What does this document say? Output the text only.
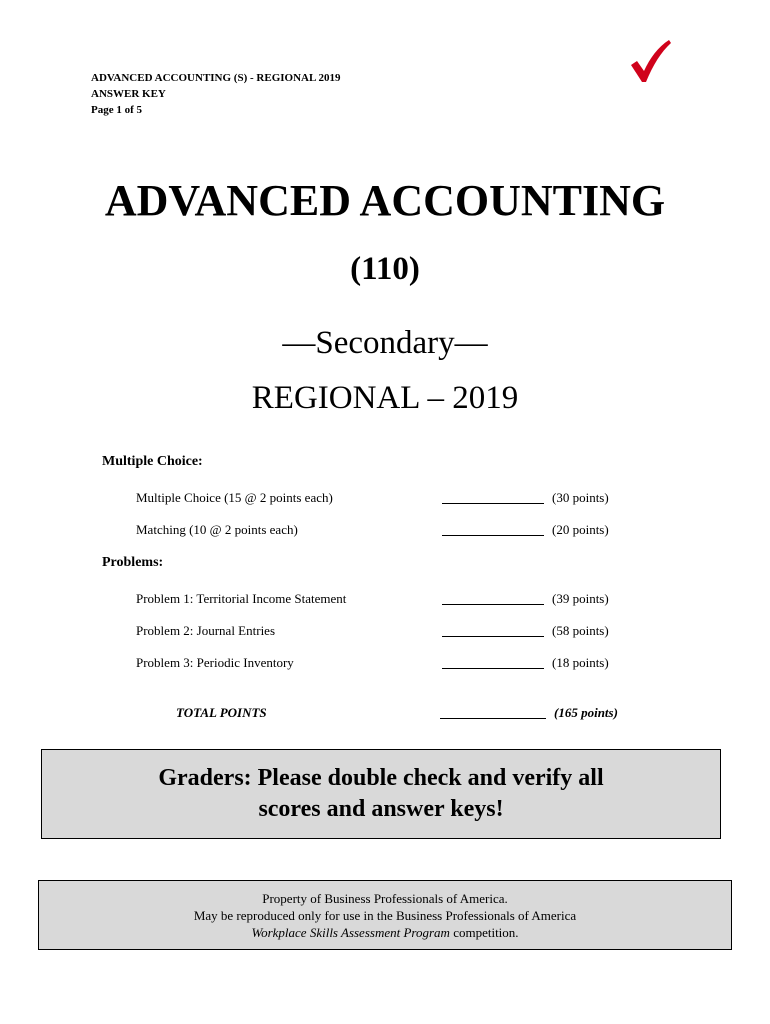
ADVANCED ACCOUNTING (S) - REGIONAL 2019
ANSWER KEY
Page 1 of 5
ADVANCED ACCOUNTING
(110)
—Secondary—
REGIONAL – 2019
Multiple Choice:
Multiple Choice (15 @ 2 points each)	(30 points)
Matching (10 @ 2 points each)	(20 points)
Problems:
Problem 1: Territorial Income Statement	(39 points)
Problem 2: Journal Entries	(58 points)
Problem 3: Periodic Inventory	(18 points)
TOTAL POINTS	(165 points)
Graders: Please double check and verify all
scores and answer keys!
Property of Business Professionals of America.
May be reproduced only for use in the Business Professionals of America
Workplace Skills Assessment Program competition.
